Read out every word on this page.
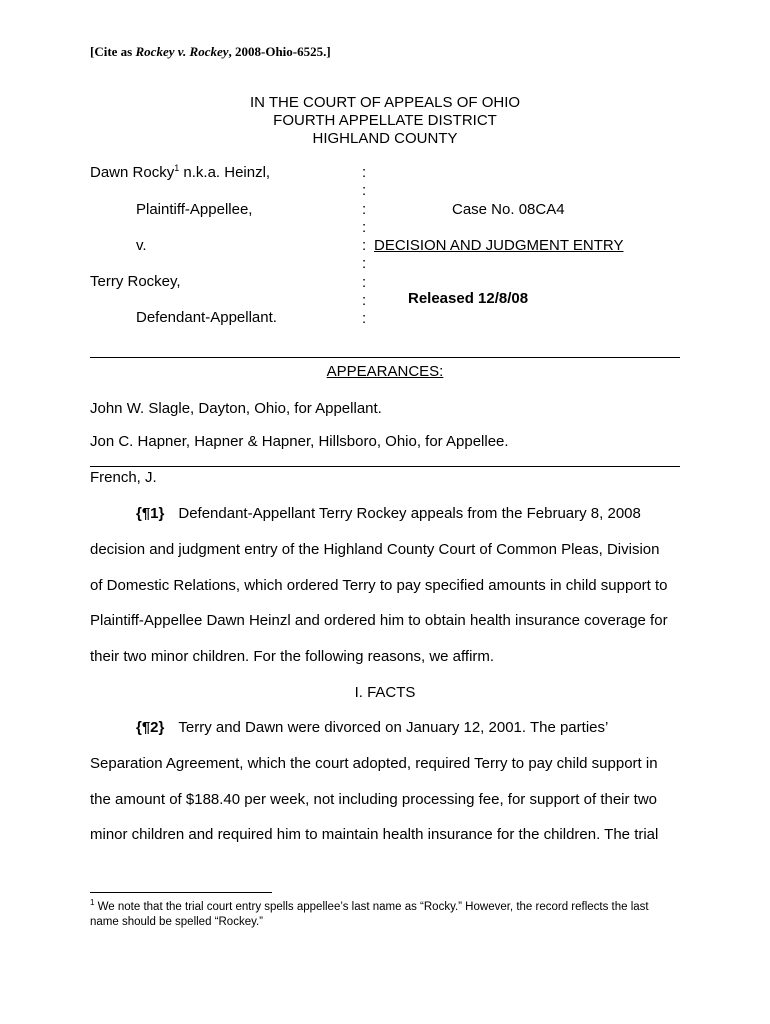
[Cite as Rockey v. Rockey, 2008-Ohio-6525.]
IN THE COURT OF APPEALS OF OHIO
FOURTH APPELLATE DISTRICT
HIGHLAND COUNTY
Dawn Rocky$^1$ n.k.a. Heinzl,
Plaintiff-Appellee,
v.
Terry Rockey,
Defendant-Appellant.
:
:
:
:
:
:
:
:
:
Case No. 08CA4
DECISION AND JUDGMENT ENTRY
Released 12/8/08
APPEARANCES:
John W. Slagle, Dayton, Ohio, for Appellant.
Jon C. Hapner, Hapner & Hapner, Hillsboro, Ohio, for Appellee.
French, J.
{¶1} Defendant-Appellant Terry Rockey appeals from the February 8, 2008
decision and judgment entry of the Highland County Court of Common Pleas, Division
of Domestic Relations, which ordered Terry to pay specified amounts in child support to
Plaintiff-Appellee Dawn Heinzl and ordered him to obtain health insurance coverage for
their two minor children. For the following reasons, we affirm.
I. FACTS
{¶2} Terry and Dawn were divorced on January 12, 2001. The parties’
Separation Agreement, which the court adopted, required Terry to pay child support in
the amount of $188.40 per week, not including processing fee, for support of their two
minor children and required him to maintain health insurance for the children. The trial
$^1$ We note that the trial court entry spells appellee’s last name as “Rocky.” However, the record reflects the last name should be spelled “Rockey.”
